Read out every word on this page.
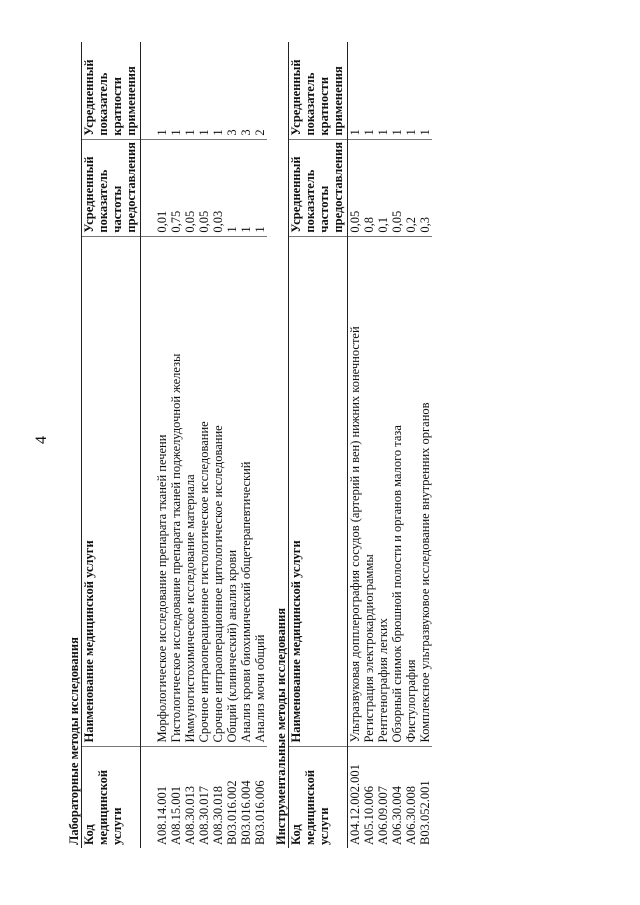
4
Лабораторные методы исследования			
Код медицинской услуги	Наименование медицинской услуги	Усредненный показатель частоты предоставления	Усредненный показатель кратности применения

A08.14.001	Морфологическое исследование препарата тканей печени	0,01	1
A08.15.001	Гистологическое исследование препарата тканей поджелудочной железы	0,75	1
A08.30.013	Иммуногистохимическое исследование материала	0,05	1
A08.30.017	Срочное интраоперационное гистологическое исследование	0,05	1
A08.30.018	Срочное интраоперационное цитологическое исследование	0,03	1
B03.016.002	Общий (клинический) анализ крови	1	3
B03.016.004	Анализ крови биохимический общетерапевтический	1	3
B03.016.006	Анализ мочи общий	1	2
Инструментальные методы исследования			
Код медицинской услуги	Наименование медицинской услуги	Усредненный показатель частоты предоставления	Усредненный показатель кратности применения
A04.12.002.001	Ультразвуковая допплерография сосудов (артерий и вен) нижних конечностей	0,05	1
A05.10.006	Регистрация электрокардиограммы	0,8	1
A06.09.007	Рентгенография легких	0,1	1
A06.30.004	Обзорный снимок брюшной полости и органов малого таза	0,05	1
A06.30.008	Фистулография	0,2	1
B03.052.001	Комплексное ультразвуковое исследование внутренних органов	0,3	1
